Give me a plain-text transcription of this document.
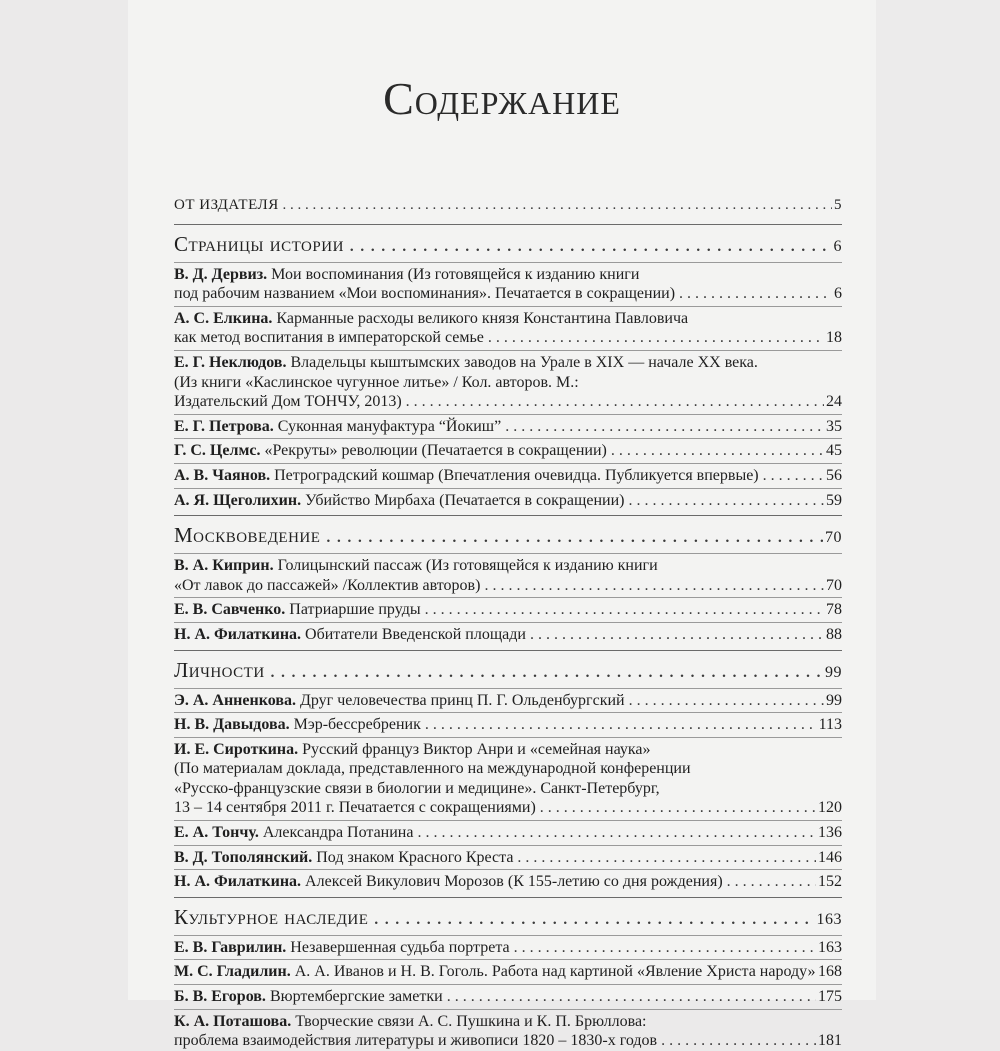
Содержание
ОТ ИЗДАТЕЛЯ . . .	5
Страницы истории . . .	6
В. Д. Дервиз. Мои воспоминания (Из готовящейся к изданию книги
под рабочим названием «Мои воспоминания». Печатается в сокращении) . . .	6
А. С. Елкина. Карманные расходы великого князя Константина Павловича
как метод воспитания в императорской семье . . .	18
Е. Г. Неклюдов. Владельцы кыштымских заводов на Урале в XIX — начале XX века.
(Из книги «Каслинское чугунное литье» / Кол. авторов. М.:
Издательский Дом ТОНЧУ, 2013) . . .	24
Е. Г. Петрова. Суконная мануфактура “Йокиш” . . .	35
Г. С. Целмс. «Рекруты» революции (Печатается в сокращении) . . .	45
А. В. Чаянов. Петроградский кошмар (Впечатления очевидца. Публикуется впервые) . . .	56
А. Я. Щеголихин. Убийство Мирбаха (Печатается в сокращении) . . .	59
Москвоведение . . .	70
В. А. Киприн. Голицынский пассаж (Из готовящейся к изданию книги
«От лавок до пассажей» /Коллектив авторов) . . .	70
Е. В. Савченко. Патриаршие пруды . . .	78
Н. А. Филаткина. Обитатели Введенской площади . . .	88
Личности . . .	99
Э. А. Анненкова. Друг человечества принц П. Г. Ольденбургский . . .	99
Н. В. Давыдова. Мэр-бессребреник . . .	113
И. Е. Сироткина. Русский француз Виктор Анри и «семейная наука»
(По материалам доклада, представленного на международной конференции
«Русско-французские связи в биологии и медицине». Санкт-Петербург,
13 – 14 сентября 2011 г. Печатается с сокращениями) . . .	120
Е. А. Тончу. Александра Потанина . . .	136
В. Д. Тополянский. Под знаком Красного Креста . . .	146
Н. А. Филаткина. Алексей Викулович Морозов (К 155-летию со дня рождения) . . .	152
Культурное наследие . . .	163
Е. В. Гаврилин. Незавершенная судьба портрета . . .	163
М. С. Гладилин. А. А. Иванов и Н. В. Гоголь. Работа над картиной «Явление Христа народу» . . . 168
Б. В. Егоров. Вюртембергские заметки . . .	175
К. А. Поташова. Творческие связи А. С. Пушкина и К. П. Брюллова:
проблема взаимодействия литературы и живописи 1820 – 1830-х годов . . .	181
